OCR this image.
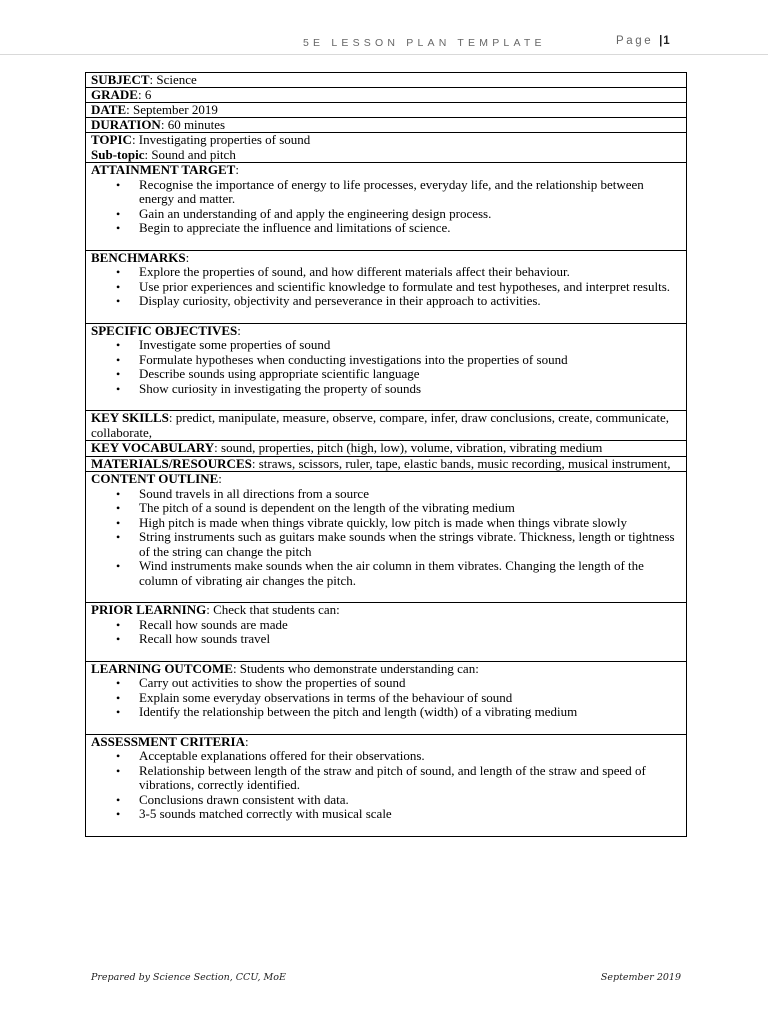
5E LESSON PLAN TEMPLATE	Page |1
SUBJECT: Science
GRADE: 6
DATE: September 2019
DURATION: 60 minutes
TOPIC: Investigating properties of sound
Sub-topic: Sound and pitch
ATTAINMENT TARGET:
• Recognise the importance of energy to life processes, everyday life, and the relationship between energy and matter.
• Gain an understanding of and apply the engineering design process.
• Begin to appreciate the influence and limitations of science.
BENCHMARKS:
• Explore the properties of sound, and how different materials affect their behaviour.
• Use prior experiences and scientific knowledge to formulate and test hypotheses, and interpret results.
• Display curiosity, objectivity and perseverance in their approach to activities.
SPECIFIC OBJECTIVES:
• Investigate some properties of sound
• Formulate hypotheses when conducting investigations into the properties of sound
• Describe sounds using appropriate scientific language
• Show curiosity in investigating the property of sounds
KEY SKILLS: predict, manipulate, measure, observe, compare, infer, draw conclusions, create, communicate, collaborate,
KEY VOCABULARY: sound, properties, pitch (high, low), volume, vibration, vibrating medium
MATERIALS/RESOURCES: straws, scissors, ruler, tape, elastic bands, music recording, musical instrument,
CONTENT OUTLINE:
• Sound travels in all directions from a source
• The pitch of a sound is dependent on the length of the vibrating medium
• High pitch is made when things vibrate quickly, low pitch is made when things vibrate slowly
• String instruments such as guitars make sounds when the strings vibrate. Thickness, length or tightness of the string can change the pitch
• Wind instruments make sounds when the air column in them vibrates. Changing the length of the column of vibrating air changes the pitch.
PRIOR LEARNING: Check that students can:
• Recall how sounds are made
• Recall how sounds travel
LEARNING OUTCOME: Students who demonstrate understanding can:
• Carry out activities to show the properties of sound
• Explain some everyday observations in terms of the behaviour of sound
• Identify the relationship between the pitch and length (width) of a vibrating medium
ASSESSMENT CRITERIA:
• Acceptable explanations offered for their observations.
• Relationship between length of the straw and pitch of sound, and length of the straw and speed of vibrations, correctly identified.
• Conclusions drawn consistent with data.
• 3-5 sounds matched correctly with musical scale
Prepared by Science Section, CCU, MoE	September 2019
